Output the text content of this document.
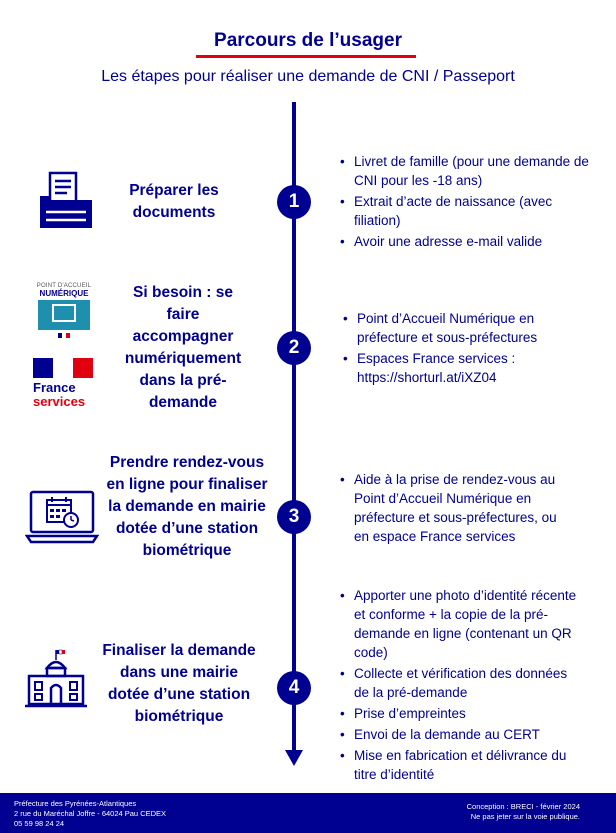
Parcours de l’usager
Les étapes pour réaliser une demande de CNI / Passeport
Préparer les documents
1
• Livret de famille (pour une demande de CNI pour les -18 ans)
• Extrait d’acte de naissance (avec filiation)
• Avoir une adresse e-mail valide
POINT D'ACCUEIL
NUMÉRIQUE
France
services
Si besoin : se faire accompagner numériquement dans la pré-demande
2
• Point d’Accueil Numérique en préfecture et sous-préfectures
• Espaces France services : https://shorturl.at/iXZ04
Prendre rendez-vous en ligne pour finaliser la demande en mairie dotée d’une station biométrique
3
• Aide à la prise de rendez-vous au Point d’Accueil Numérique en préfecture et sous-préfectures, ou en espace France services
Finaliser la demande dans une mairie dotée d’une station biométrique
4
• Apporter une photo d’identité récente et conforme + la copie de la pré-demande en ligne (contenant un QR code)
• Collecte et vérification des données de la pré-demande
• Prise d’empreintes
• Envoi de la demande au CERT
• Mise en fabrication et délivrance du titre d’identité
Préfecture des Pyrénées-Atlantiques
2 rue du Maréchal Joffre - 64024 Pau CEDEX
05 59 98 24 24
Conception : BRECI - février 2024
Ne pas jeter sur la voie publique.
